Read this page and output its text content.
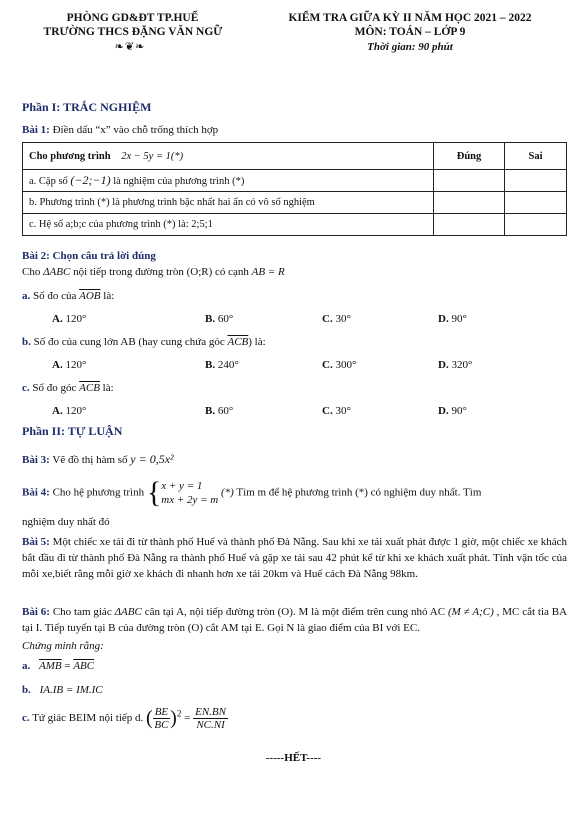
PHÒNG GD&ĐT TP.HUẾ
TRƯỜNG THCS ĐẶNG VĂN NGỮ
❧❦❧
KIỂM TRA GIỮA KỲ II NĂM HỌC 2021 – 2022
MÔN: TOÁN – LỚP 9
Thời gian: 90 phút
Phần I: TRẮC NGHIỆM
Bài 1: Điền dấu “x” vào chỗ trống thích hợp
Cho phương trình 2x − 5y = 1(*)	Đúng	Sai
a. Cặp số (−2;−1) là nghiệm của phương trình (*)		
b. Phương trình (*) là phương trình bậc nhất hai ẩn có vô số nghiệm		
c. Hệ số a;b;c của phương trình (*) là: 2;5;1		
Bài 2: Chọn câu trả lời đúng
Cho ΔABC nội tiếp trong đường tròn (O;R) có cạnh AB = R
a. Số đo của $\overline{AOB}$ là:
A. 120°	B. 60°	C. 30°	D. 90°
b. Số đo của cung lớn AB (hay cung chứa góc $\overline{ACB}$) là:
A. 120°	B. 240°	C. 300°	D. 320°
c. Số đo góc $\overline{ACB}$ là:
A. 120°	B. 60°	C. 30°	D. 90°
Phần II: TỰ LUẬN
Bài 3: Vẽ đồ thị hàm số y = 0,5x²
Bài 4: Cho hệ phương trình { x + y = 1
mx + 2y = m
(*) Tìm m để hệ phương trình (*) có nghiệm duy nhất. Tìm
nghiệm duy nhất đó
Bài 5: Một chiếc xe tải đi từ thành phố Huế và thành phố Đà Nẵng. Sau khi xe tải xuất phát được 1 giờ, một chiếc xe khách bắt đầu đi từ thành phố Đà Nẵng ra thành phố Huế và gặp xe tải sau 42 phút kể từ khi xe khách xuất phát. Tính vận tốc của mỗi xe,biết rằng mỗi giờ xe khách đi nhanh hơn xe tải 20km và Huế cách Đà Nẵng 98km.
Bài 6: Cho tam giác ΔABC cân tại A, nội tiếp đường tròn (O). M là một điểm trên cung nhỏ AC (M ≠ A;C) , MC cắt tia BA tại I. Tiếp tuyến tại B của đường tròn (O) cắt AM tại E. Gọi N là giao điểm của BI với EC.
Chứng minh rằng:
a. $\overline{AMB} = \overline{ABC}$
b. IA.IB = IM.IC
c. Tứ giác BEIM nội tiếp d. ( $\frac{BE}{BC} )^2 = \frac{EN.BN}{NC.NI}$
-----HẾT----
